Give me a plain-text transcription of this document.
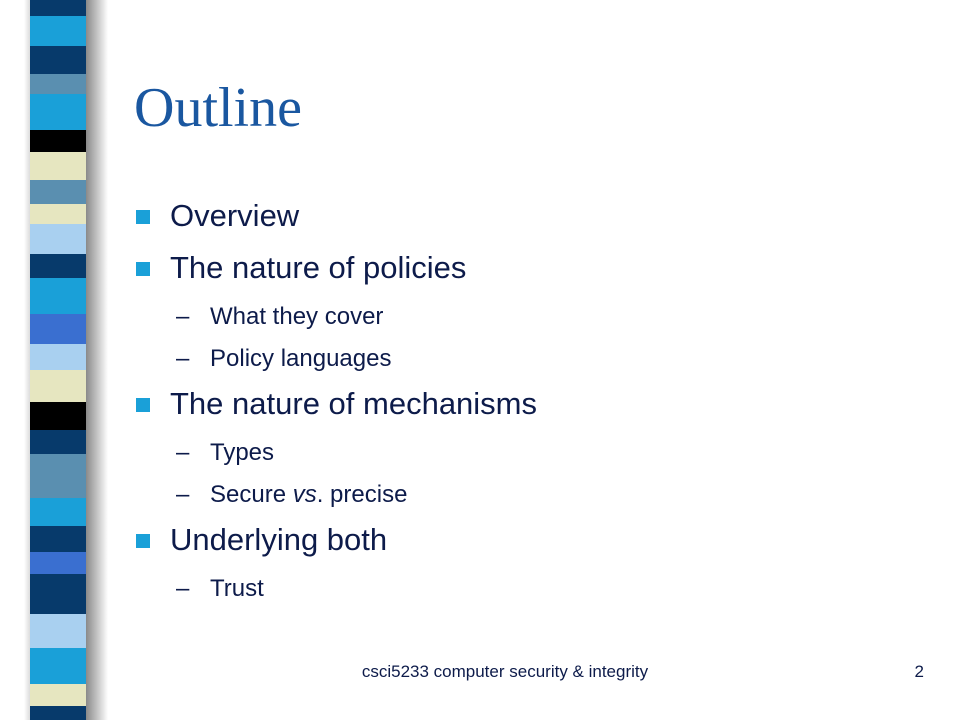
Outline
Overview
The nature of policies
– What they cover
– Policy languages
The nature of mechanisms
– Types
– Secure vs. precise
Underlying both
– Trust
csci5233 computer security & integrity	2
